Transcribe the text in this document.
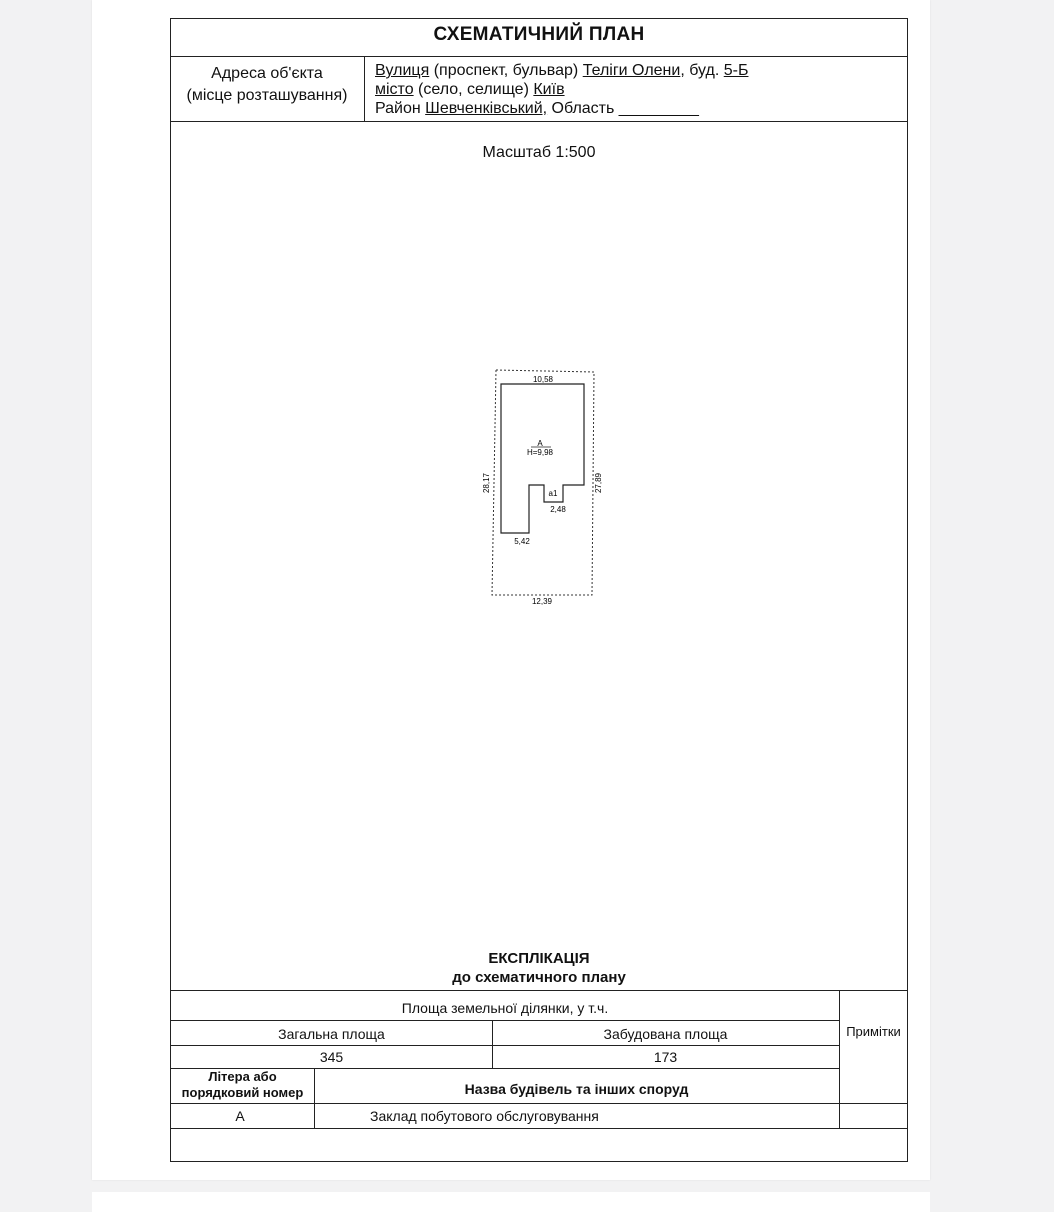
СХЕМАТИЧНИЙ ПЛАН
Адреса об'єкта
(місце розташування)
Вулиця (проспект, бульвар) Теліги Олени, буд. 5-Б
місто (село, селище) Київ
Район Шевченківський, Область _________
Масштаб 1:500
10,58
А
Н=9,98
а1
2,48
5,42
12,39
28,17	27,89
ЕКСПЛІКАЦІЯ
до схематичного плану
Площа земельної ділянки, у т.ч.
Загальна площа	Забудована площа
345	173
Примітки
Літера або
порядковий номер	Назва будівель та інших споруд
А	Заклад побутового обслуговування
